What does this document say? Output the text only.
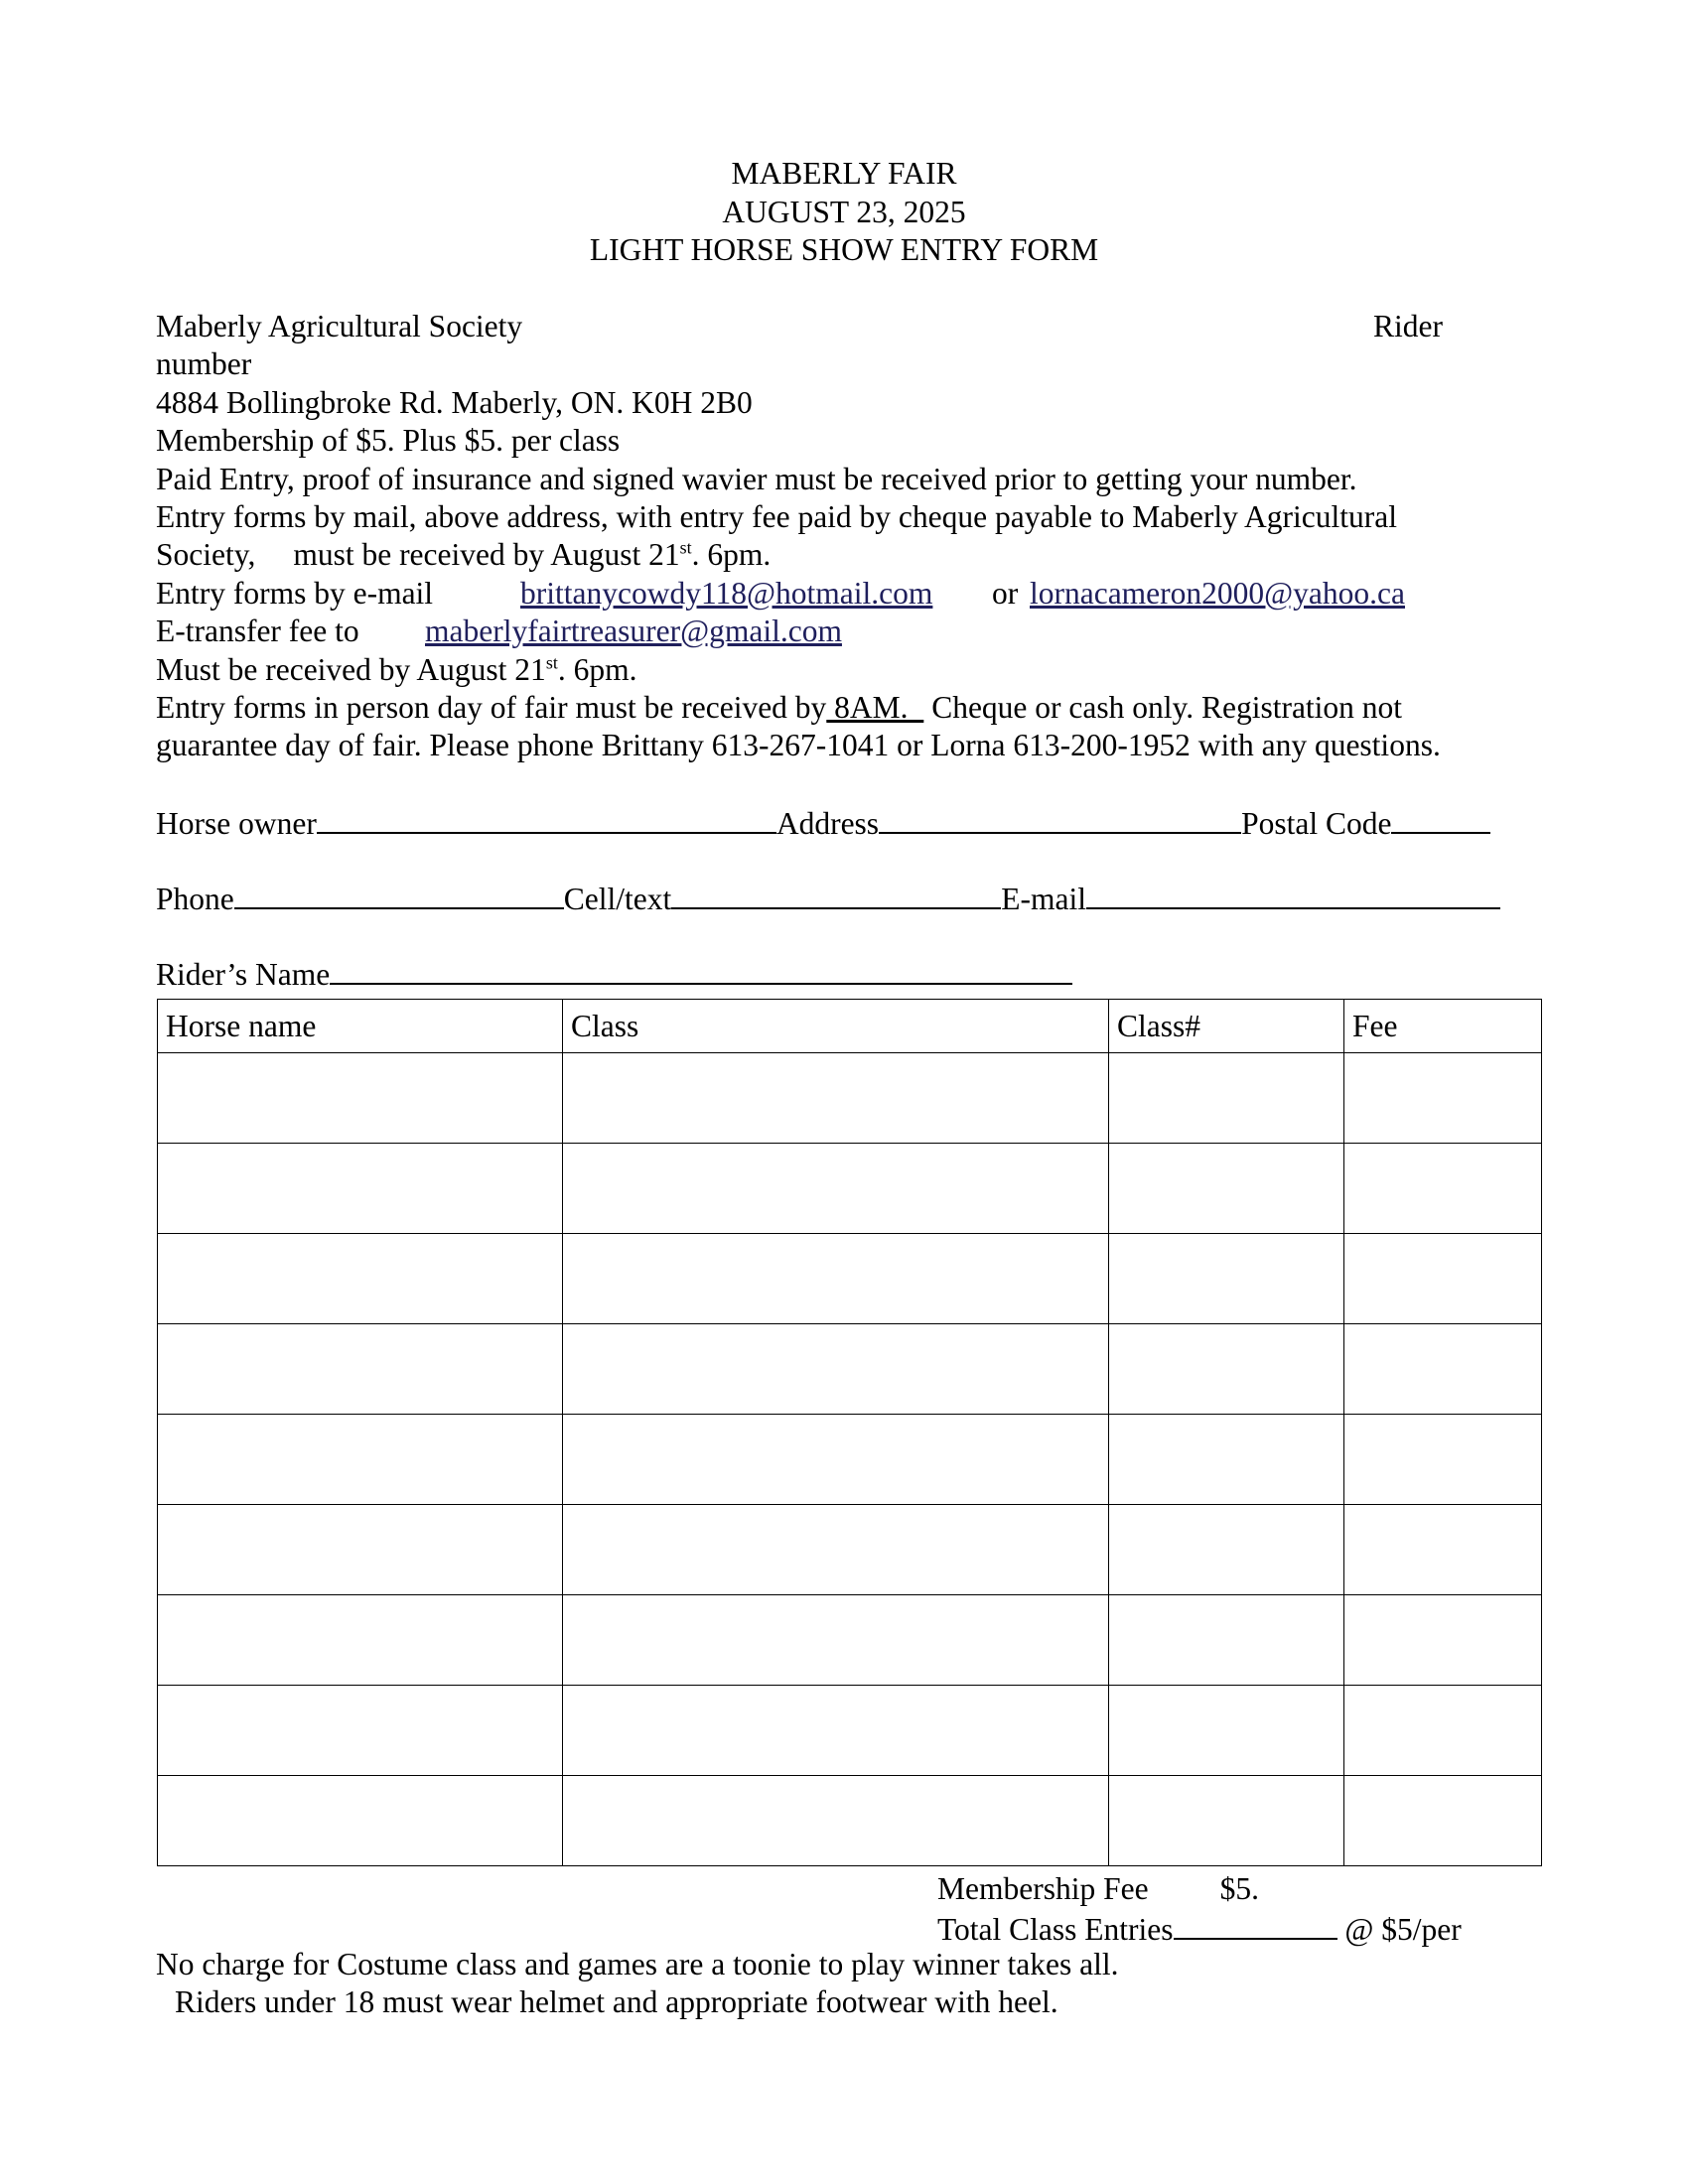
MABERLY FAIR
AUGUST 23, 2025
LIGHT HORSE SHOW ENTRY FORM
Rider
Maberly Agricultural Society
number
4884 Bollingbroke Rd. Maberly, ON. K0H 2B0
Membership of $5. Plus $5. per class
Paid Entry, proof of insurance and signed wavier must be received prior to getting your number.
Entry forms by mail, above address, with entry fee paid by cheque payable to Maberly Agricultural
Society, must be received by August 21st. 6pm.
Entry forms by e-mail	brittanycowdy118@hotmail.com or lornacameron2000@yahoo.ca
E-transfer fee to maberlyfairtreasurer@gmail.com
Must be received by August 21st. 6pm.
Entry forms in person day of fair must be received by 8AM.   Cheque or cash only. Registration not
guarantee day of fair. Please phone Brittany 613-267-1041 or Lorna 613-200-1952 with any questions.
Horse owner	Address	Postal Code
Phone	Cell/text	E-mail
Rider’s Name
Horse name	Class	Class#	Fee

Membership Fee $5.
Total Class Entries	@ $5/per
No charge for Costume class and games are a toonie to play winner takes all.
Riders under 18 must wear helmet and appropriate footwear with heel.
